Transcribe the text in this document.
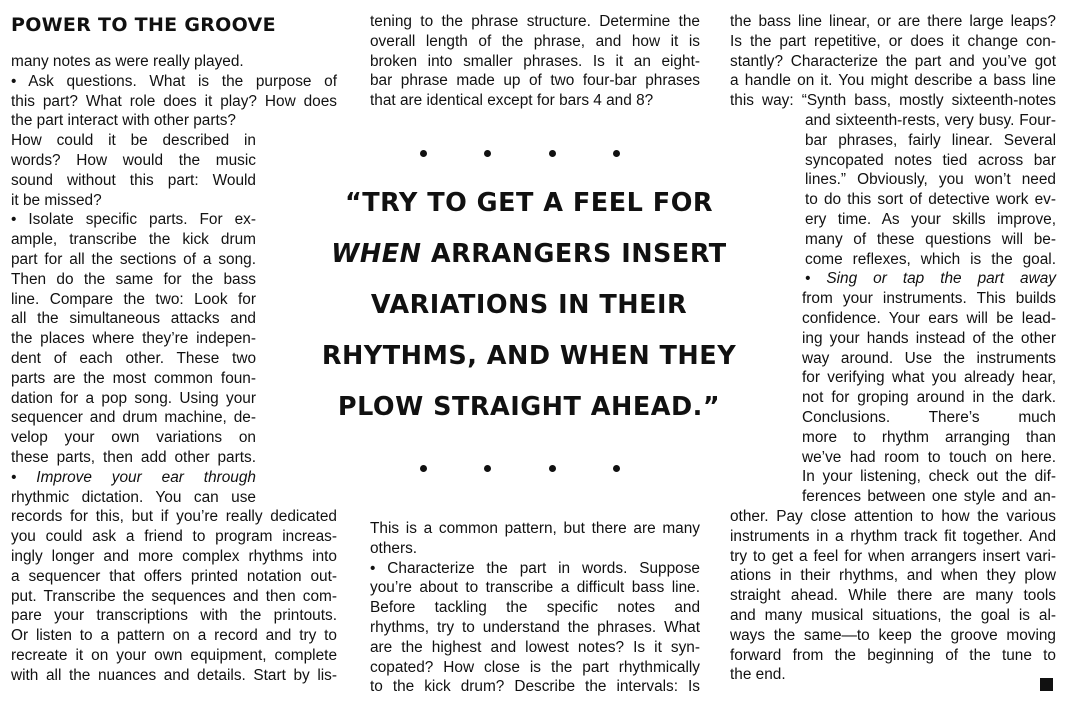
POWER TO THE GROOVE

many notes as were really played.

• Ask questions. What is the purpose of

this part? What role does it play? How does

the part interact with other parts?

How could it be described in

words? How would the music

sound without this part: Would

it be missed?

• Isolate specific parts. For ex-

ample, transcribe the kick drum

part for all the sections of a song.

Then do the same for the bass

line. Compare the two: Look for

all the simultaneous attacks and

the places where they’re indepen-

dent of each other. These two

parts are the most common foun-

dation for a pop song. Using your

sequencer and drum machine, de-

velop your own variations on

these parts, then add other parts.

• Improve your ear through

rhythmic dictation. You can use

records for this, but if you’re really dedicated

you could ask a friend to program increas-

ingly longer and more complex rhythms into

a sequencer that offers printed notation out-

put. Transcribe the sequences and then com-

pare your transcriptions with the printouts.

Or listen to a pattern on a record and try to

recreate it on your own equipment, complete

with all the nuances and details. Start by lis-

tening to the phrase structure. Determine the

overall length of the phrase, and how it is

broken into smaller phrases. Is it an eight-

bar phrase made up of two four-bar phrases

that are identical except for bars 4 and 8?

“TRY TO GET A FEEL FOR
WHEN ARRANGERS INSERT
VARIATIONS IN THEIR
RHYTHMS, AND WHEN THEY
PLOW STRAIGHT AHEAD.”

This is a common pattern, but there are many

others.

• Characterize the part in words. Suppose

you’re about to transcribe a difficult bass line.

Before tackling the specific notes and

rhythms, try to understand the phrases. What

are the highest and lowest notes? Is it syn-

copated? How close is the part rhythmically

to the kick drum? Describe the intervals: Is

the bass line linear, or are there large leaps?

Is the part repetitive, or does it change con-

stantly? Characterize the part and you’ve got

a handle on it. You might describe a bass line

this way: “Synth bass, mostly sixteenth-notes

and sixteenth-rests, very busy. Four-

bar phrases, fairly linear. Several

syncopated notes tied across bar

lines.” Obviously, you won’t need

to do this sort of detective work ev-

ery time. As your skills improve,

many of these questions will be-

come reflexes, which is the goal.

• Sing or tap the part away

from your instruments. This builds

confidence. Your ears will be lead-

ing your hands instead of the other

way around. Use the instruments

for verifying what you already hear,

not for groping around in the dark.

Conclusions. There’s much

more to rhythm arranging than

we’ve had room to touch on here.

In your listening, check out the dif-

ferences between one style and an-

other. Pay close attention to how the various

instruments in a rhythm track fit together. And

try to get a feel for when arrangers insert vari-

ations in their rhythms, and when they plow

straight ahead. While there are many tools

and many musical situations, the goal is al-

ways the same—to keep the groove moving

forward from the beginning of the tune to

the end.
